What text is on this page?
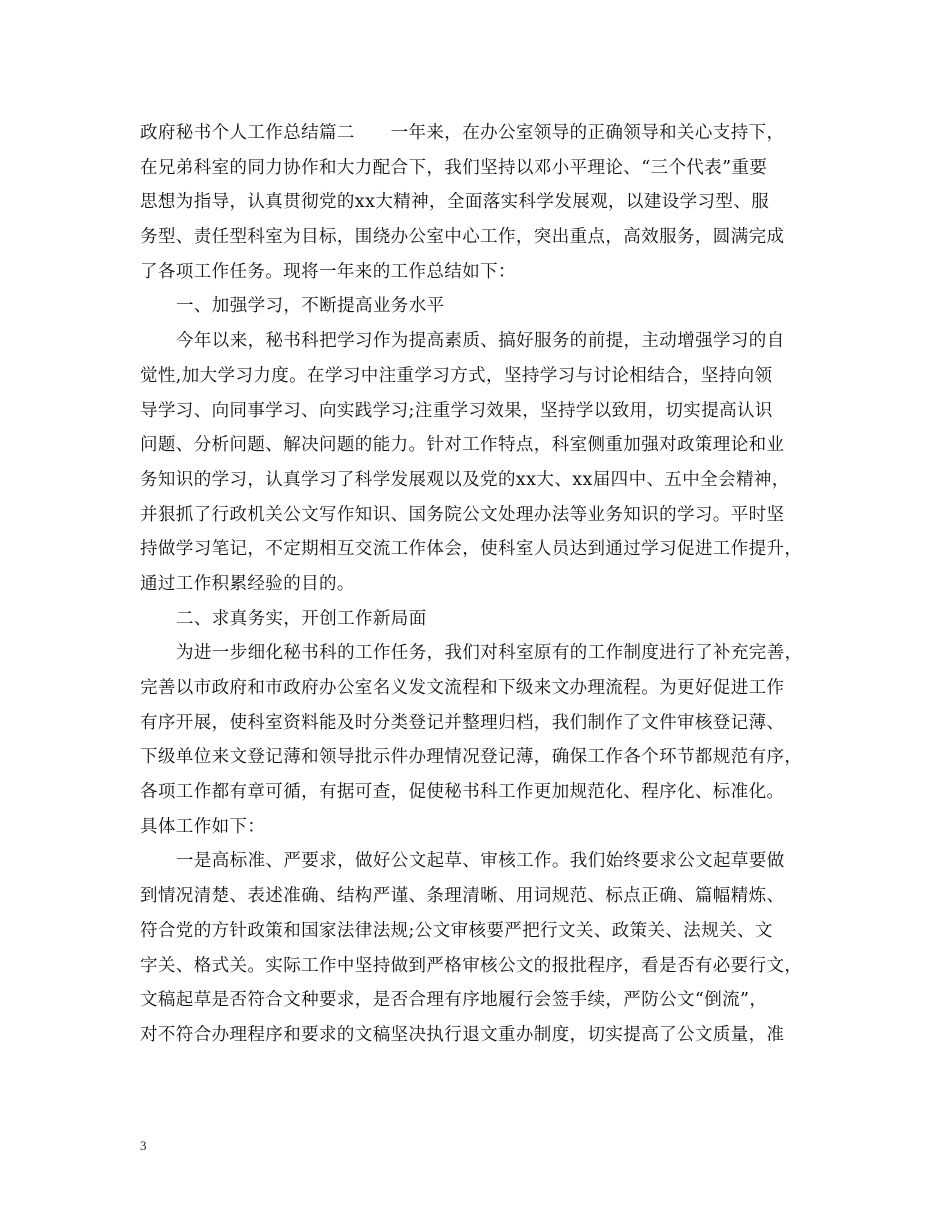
政府秘书个人工作总结篇二　　一年来，在办公室领导的正确领导和关心支持下，
在兄弟科室的同力协作和大力配合下，我们坚持以邓小平理论、“三个代表”重要
思想为指导，认真贯彻党的xx大精神，全面落实科学发展观，以建设学习型、服
务型、责任型科室为目标，围绕办公室中心工作，突出重点，高效服务，圆满完成
了各项工作任务。现将一年来的工作总结如下：
一、加强学习，不断提高业务水平
今年以来，秘书科把学习作为提高素质、搞好服务的前提，主动增强学习的自
觉性,加大学习力度。在学习中注重学习方式，坚持学习与讨论相结合，坚持向领
导学习、向同事学习、向实践学习;注重学习效果，坚持学以致用，切实提高认识
问题、分析问题、解决问题的能力。针对工作特点，科室侧重加强对政策理论和业
务知识的学习，认真学习了科学发展观以及党的xx大、xx届四中、五中全会精神，
并狠抓了行政机关公文写作知识、国务院公文处理办法等业务知识的学习。平时坚
持做学习笔记，不定期相互交流工作体会，使科室人员达到通过学习促进工作提升，
通过工作积累经验的目的。
二、求真务实，开创工作新局面
为进一步细化秘书科的工作任务，我们对科室原有的工作制度进行了补充完善，
完善以市政府和市政府办公室名义发文流程和下级来文办理流程。为更好促进工作
有序开展，使科室资料能及时分类登记并整理归档，我们制作了文件审核登记薄、
下级单位来文登记薄和领导批示件办理情况登记薄，确保工作各个环节都规范有序，
各项工作都有章可循，有据可查，促使秘书科工作更加规范化、程序化、标准化。
具体工作如下：
一是高标准、严要求，做好公文起草、审核工作。我们始终要求公文起草要做
到情况清楚、表述准确、结构严谨、条理清晰、用词规范、标点正确、篇幅精炼、
符合党的方针政策和国家法律法规;公文审核要严把行文关、政策关、法规关、文
字关、格式关。实际工作中坚持做到严格审核公文的报批程序，看是否有必要行文，
文稿起草是否符合文种要求，是否合理有序地履行会签手续，严防公文“倒流”，
对不符合办理程序和要求的文稿坚决执行退文重办制度，切实提高了公文质量，准
3
